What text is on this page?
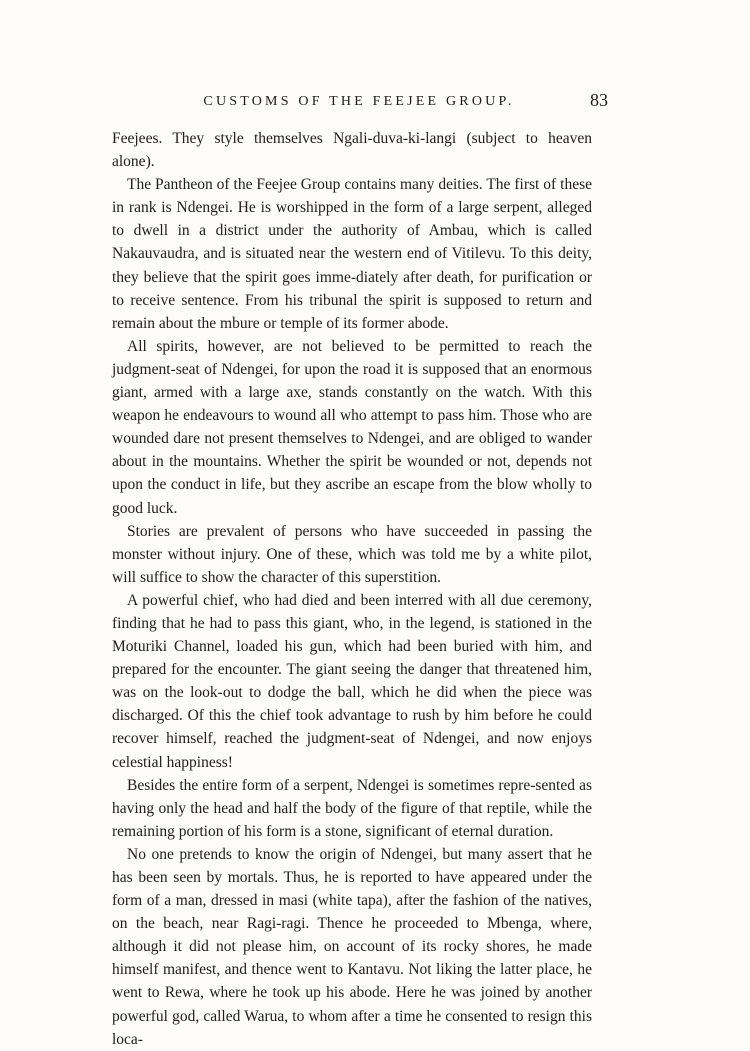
CUSTOMS OF THE FEEJEE GROUP.	83

Feejees. They style themselves Ngali-duva-ki-langi (subject to heaven alone).

The Pantheon of the Feejee Group contains many deities. The first of these in rank is Ndengei. He is worshipped in the form of a large serpent, alleged to dwell in a district under the authority of Ambau, which is called Nakauvaudra, and is situated near the western end of Vitilevu. To this deity, they believe that the spirit goes imme-diately after death, for purification or to receive sentence. From his tribunal the spirit is supposed to return and remain about the mbure or temple of its former abode.

All spirits, however, are not believed to be permitted to reach the judgment-seat of Ndengei, for upon the road it is supposed that an enormous giant, armed with a large axe, stands constantly on the watch. With this weapon he endeavours to wound all who attempt to pass him. Those who are wounded dare not present themselves to Ndengei, and are obliged to wander about in the mountains. Whether the spirit be wounded or not, depends not upon the conduct in life, but they ascribe an escape from the blow wholly to good luck.

Stories are prevalent of persons who have succeeded in passing the monster without injury. One of these, which was told me by a white pilot, will suffice to show the character of this superstition.

A powerful chief, who had died and been interred with all due ceremony, finding that he had to pass this giant, who, in the legend, is stationed in the Moturiki Channel, loaded his gun, which had been buried with him, and prepared for the encounter. The giant seeing the danger that threatened him, was on the look-out to dodge the ball, which he did when the piece was discharged. Of this the chief took advantage to rush by him before he could recover himself, reached the judgment-seat of Ndengei, and now enjoys celestial happiness!

Besides the entire form of a serpent, Ndengei is sometimes repre-sented as having only the head and half the body of the figure of that reptile, while the remaining portion of his form is a stone, significant of eternal duration.

No one pretends to know the origin of Ndengei, but many assert that he has been seen by mortals. Thus, he is reported to have appeared under the form of a man, dressed in masi (white tapa), after the fashion of the natives, on the beach, near Ragi-ragi. Thence he proceeded to Mbenga, where, although it did not please him, on account of its rocky shores, he made himself manifest, and thence went to Kantavu. Not liking the latter place, he went to Rewa, where he took up his abode. Here he was joined by another powerful god, called Warua, to whom after a time he consented to resign this loca-
